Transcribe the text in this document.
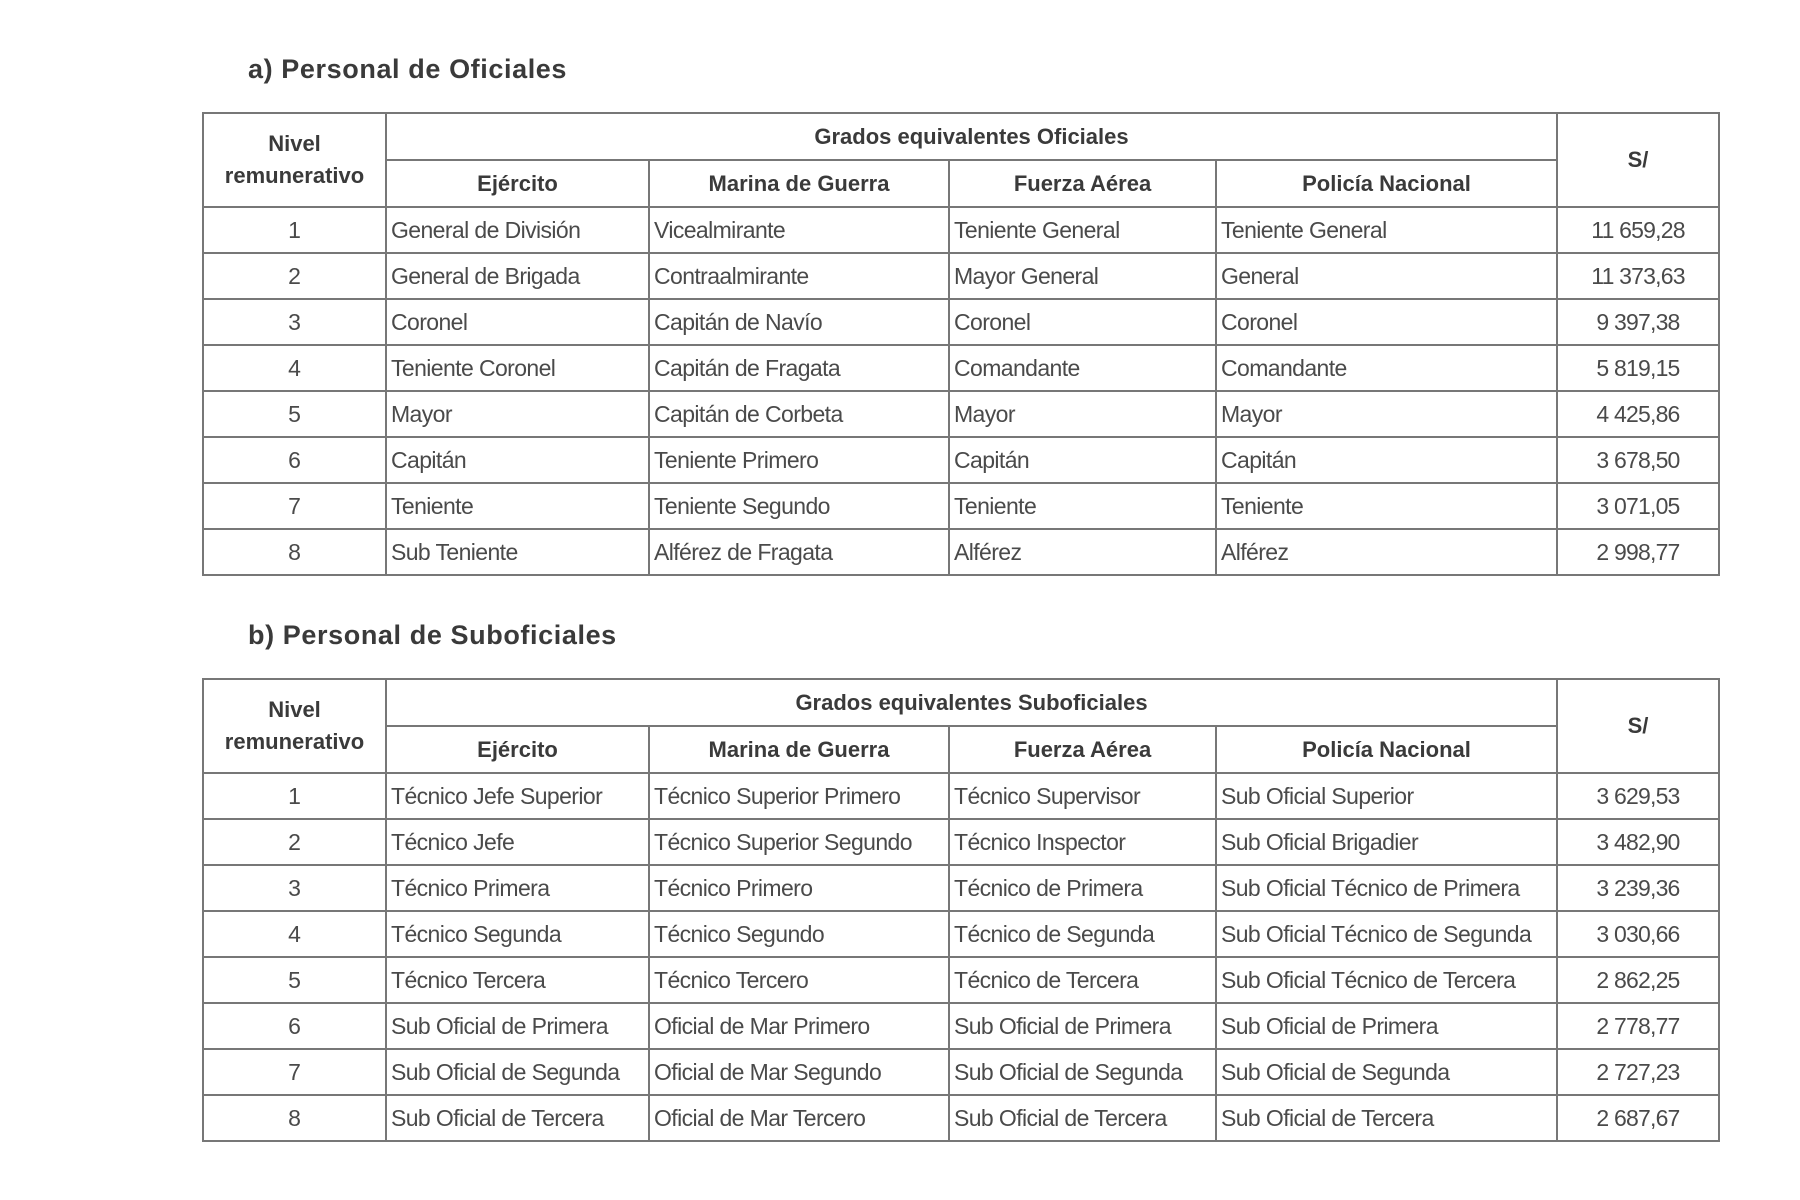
a) Personal de Oficiales
Nivel remunerativo	Grados equivalentes Oficiales				S/
	Ejército	Marina de Guerra	Fuerza Aérea	Policía Nacional	
1	General de División	Vicealmirante	Teniente General	Teniente General	11 659,28
2	General de Brigada	Contraalmirante	Mayor General	General	11 373,63
3	Coronel	Capitán de Navío	Coronel	Coronel	9 397,38
4	Teniente Coronel	Capitán de Fragata	Comandante	Comandante	5 819,15
5	Mayor	Capitán de Corbeta	Mayor	Mayor	4 425,86
6	Capitán	Teniente Primero	Capitán	Capitán	3 678,50
7	Teniente	Teniente Segundo	Teniente	Teniente	3 071,05
8	Sub Teniente	Alférez de Fragata	Alférez	Alférez	2 998,77
b) Personal de Suboficiales
Nivel remunerativo	Grados equivalentes Suboficiales				S/
	Ejército	Marina de Guerra	Fuerza Aérea	Policía Nacional	
1	Técnico Jefe Superior	Técnico Superior Primero	Técnico Supervisor	Sub Oficial Superior	3 629,53
2	Técnico Jefe	Técnico Superior Segundo	Técnico Inspector	Sub Oficial Brigadier	3 482,90
3	Técnico Primera	Técnico Primero	Técnico de Primera	Sub Oficial Técnico de Primera	3 239,36
4	Técnico Segunda	Técnico Segundo	Técnico de Segunda	Sub Oficial Técnico de Segunda	3 030,66
5	Técnico Tercera	Técnico Tercero	Técnico de Tercera	Sub Oficial Técnico de Tercera	2 862,25
6	Sub Oficial de Primera	Oficial de Mar Primero	Sub Oficial de Primera	Sub Oficial de Primera	2 778,77
7	Sub Oficial de Segunda	Oficial de Mar Segundo	Sub Oficial de Segunda	Sub Oficial de Segunda	2 727,23
8	Sub Oficial de Tercera	Oficial de Mar Tercero	Sub Oficial de Tercera	Sub Oficial de Tercera	2 687,67
